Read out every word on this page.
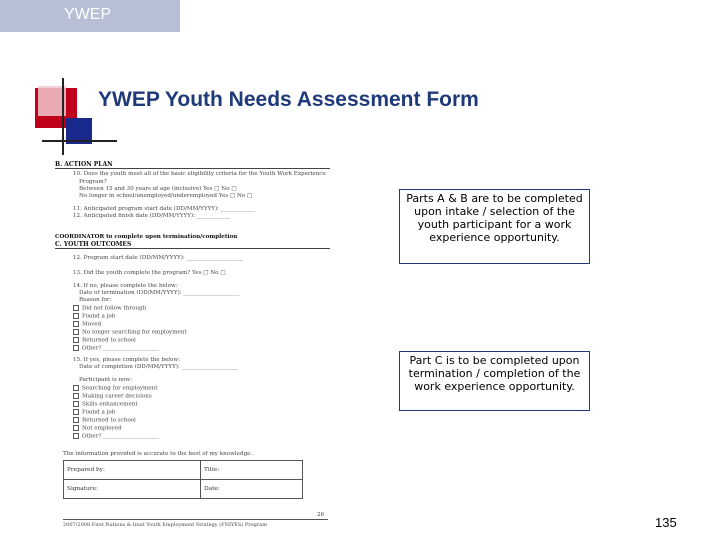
YWEP
YWEP Youth Needs Assessment Form
B. ACTION PLAN
10. Does the youth meet all of the basic eligibility criteria for the Youth Work Experience
Program?
Between 15 and 30 years of age (inclusive) Yes □ No □
No longer in school/unemployed/underemployed Yes □ No □
11. Anticipated program start date (DD/MM/YYYY): ____________
12. Anticipated finish date (DD/MM/YYYY): ____________
COORDINATOR to complete upon termination/completion
C. YOUTH OUTCOMES
12. Program start date (DD/MM/YYYY): ____________________
13. Did the youth complete the program? Yes □ No □
14. If no, please complete the below:
Date of termination (DD/MM/YYYY): ____________________
Reason for:
Did not follow through
Found a job
Moved
No longer searching for employment
Returned to school
Other? ____________________
15. If yes, please complete the below:
Date of completion (DD/MM/YYYY): ____________________
Participant is now:
Searching for employment
Making career decisions
Skills enhancement
Found a job
Returned to school
Not employed
Other? ____________________
The information provided is accurate to the best of my knowledge.
Prepared by:	Title:
Signature:	Date:
26
2007/2008 First Nations & Inuit Youth Employment Strategy (FNIYES) Program
Parts A & B are to be completed upon intake / selection of the youth participant for a work experience opportunity.
Part C is to be completed upon termination / completion of the work experience opportunity.
135
